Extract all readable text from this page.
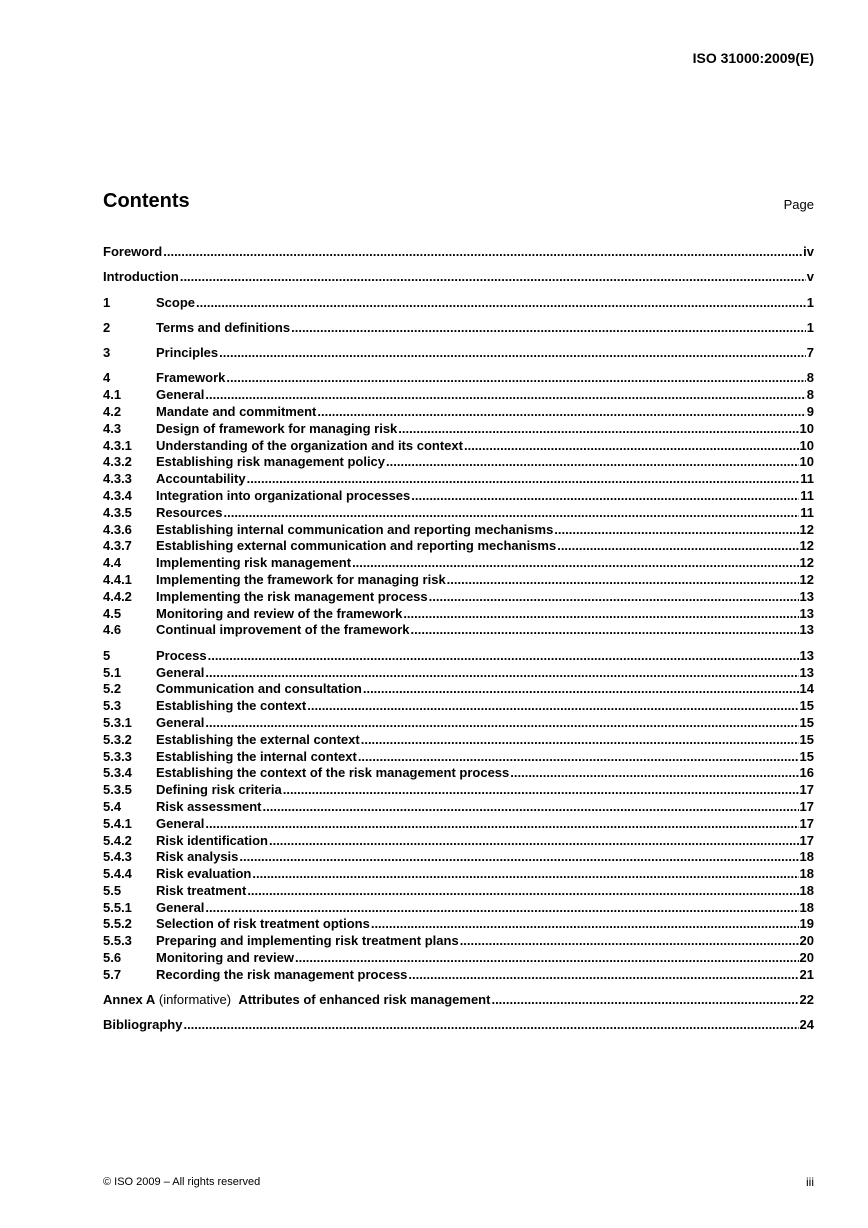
ISO 31000:2009(E)
Contents	Page
Foreword .....	iv
Introduction .....	v
1	Scope .....	1
2	Terms and definitions .....	1
3	Principles .....	7
4	Framework .....	8
4.1	General .....	8
4.2	Mandate and commitment .....	9
4.3	Design of framework for managing risk .....	10
4.3.1	Understanding of the organization and its context .....	10
4.3.2	Establishing risk management policy .....	10
4.3.3	Accountability .....	11
4.3.4	Integration into organizational processes .....	11
4.3.5	Resources .....	11
4.3.6	Establishing internal communication and reporting mechanisms .....	12
4.3.7	Establishing external communication and reporting mechanisms .....	12
4.4	Implementing risk management .....	12
4.4.1	Implementing the framework for managing risk .....	12
4.4.2	Implementing the risk management process .....	13
4.5	Monitoring and review of the framework .....	13
4.6	Continual improvement of the framework .....	13
5	Process .....	13
5.1	General .....	13
5.2	Communication and consultation .....	14
5.3	Establishing the context .....	15
5.3.1	General .....	15
5.3.2	Establishing the external context .....	15
5.3.3	Establishing the internal context .....	15
5.3.4	Establishing the context of the risk management process .....	16
5.3.5	Defining risk criteria .....	17
5.4	Risk assessment .....	17
5.4.1	General .....	17
5.4.2	Risk identification .....	17
5.4.3	Risk analysis .....	18
5.4.4	Risk evaluation .....	18
5.5	Risk treatment .....	18
5.5.1	General .....	18
5.5.2	Selection of risk treatment options .....	19
5.5.3	Preparing and implementing risk treatment plans .....	20
5.6	Monitoring and review .....	20
5.7	Recording the risk management process .....	21
Annex A (informative)  Attributes of enhanced risk management .....	22
Bibliography .....	24
© ISO 2009 – All rights reserved	iii
